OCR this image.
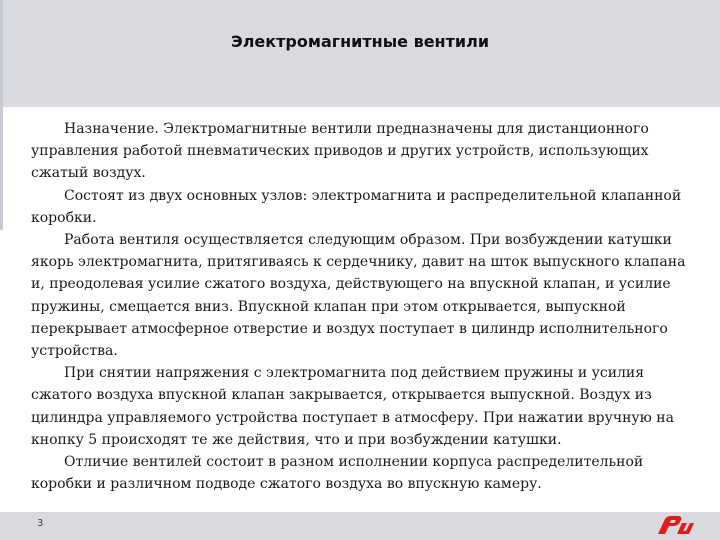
Электромагнитные вентили

Назначение. Электромагнитные вентили предназначены для дистанционного управления работой пневматических приводов и других устройств, использующих сжатый воздух.

Состоят из двух основных узлов: электромагнита и распределительной клапанной коробки.

Работа вентиля осуществляется следующим образом. При возбуждении катушки якорь электромагнита, притягиваясь к сердечнику, давит на шток выпускного клапана и, преодолевая усилие сжатого воздуха, действующего на впускной клапан, и усилие пружины, смещается вниз. Впускной клапан при этом открывается, выпускной перекрывает атмосферное отверстие и воздух поступает в цилиндр исполнительного устройства.

При снятии напряжения с электромагнита под действием пружины и усилия сжатого воздуха впускной клапан закрывается, открывается выпускной. Воздух из цилиндра управляемого устройства поступает в атмосферу. При нажатии вручную на кнопку 5 происходят те же действия, что и при возбуждении катушки.

Отличие вентилей состоит в разном исполнении корпуса распределительной коробки и различном подводе сжатого воздуха во впускную камеру.

3
